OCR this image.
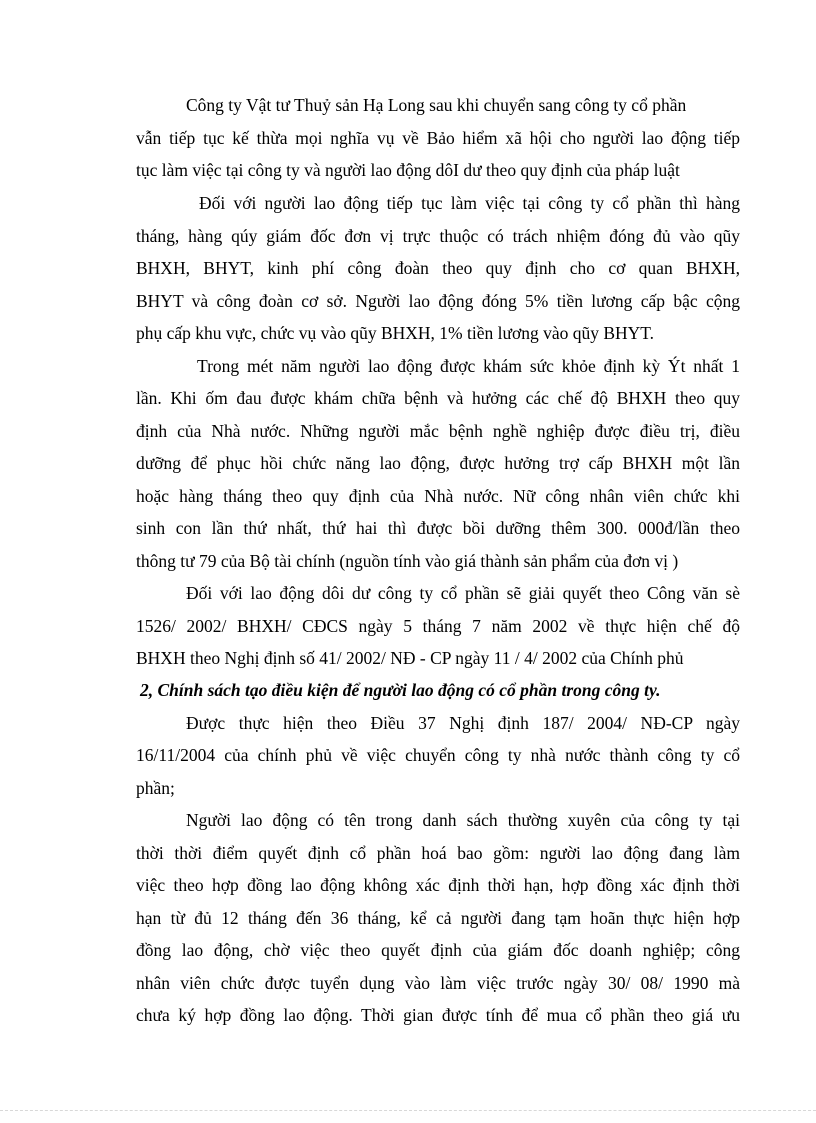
Công ty Vật tư Thuỷ sản Hạ Long sau khi chuyển sang công ty cổ phần
vẫn tiếp tục kế thừa mọi nghĩa vụ về Bảo hiểm xã hội cho người lao động tiếp
tục làm việc tại công ty và người lao động dôI dư theo quy định của pháp luật
Đối với người lao động tiếp tục làm việc tại công ty cổ phần thì hàng
tháng, hàng qúy giám đốc đơn vị trực thuộc có trách nhiệm đóng đủ vào qũy
BHXH, BHYT, kinh phí công đoàn theo quy định cho cơ quan BHXH,
BHYT và công đoàn cơ sở. Người lao động đóng 5% tiền lương cấp bậc cộng
phụ cấp khu vực, chức vụ vào qũy BHXH, 1% tiền lương vào qũy BHYT.
Trong mét năm người lao động được khám sức khỏe định kỳ Ýt nhất 1
lần. Khi ốm đau được khám chữa bệnh và hưởng các chế độ BHXH theo quy
định của Nhà nước. Những người mắc bệnh nghề nghiệp được điều trị, điều
dưỡng để phục hồi chức năng lao động, được hưởng trợ cấp BHXH một lần
hoặc hàng tháng theo quy định của Nhà nước. Nữ công nhân viên chức khi
sinh con lần thứ nhất, thứ hai thì được bồi dưỡng thêm 300. 000đ/lần theo
thông tư 79 của Bộ tài chính (nguồn tính vào giá thành sản phẩm của đơn vị )
Đối với lao động dôi dư công ty cổ phần sẽ giải quyết theo Công văn sè
1526/ 2002/ BHXH/ CĐCS ngày 5 tháng 7 năm 2002 về thực hiện chế độ
BHXH theo Nghị định số 41/ 2002/ NĐ - CP ngày 11 / 4/ 2002 của Chính phủ
2, Chính sách tạo điều kiện để người lao động có cổ phần trong công ty.
Được thực hiện theo Điều 37 Nghị định 187/ 2004/ NĐ-CP ngày
16/11/2004 của chính phủ về việc chuyển công ty nhà nước thành công ty cổ
phần;
Người lao động có tên trong danh sách thường xuyên của công ty tại
thời thời điểm quyết định cổ phần hoá bao gồm: người lao động đang làm
việc theo hợp đồng lao động không xác định thời hạn, hợp đồng xác định thời
hạn từ đủ 12 tháng đến 36 tháng, kể cả người đang tạm hoãn thực hiện hợp
đồng lao động, chờ việc theo quyết định của giám đốc doanh nghiệp; công
nhân viên chức được tuyển dụng vào làm việc trước ngày 30/ 08/ 1990 mà
chưa ký hợp đồng lao động. Thời gian được tính để mua cổ phần theo giá ưu
